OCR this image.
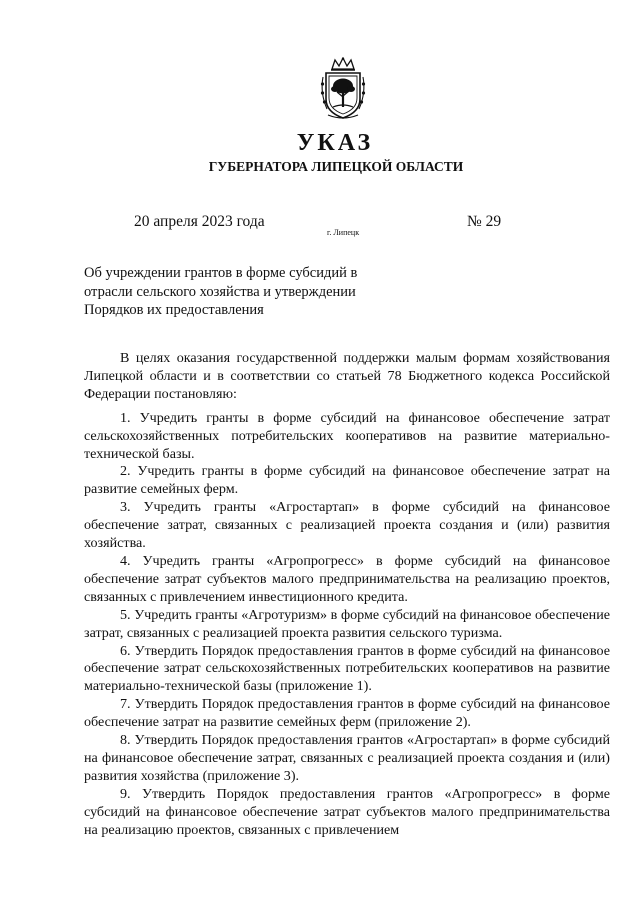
УКАЗ
ГУБЕРНАТОРА ЛИПЕЦКОЙ ОБЛАСТИ
20 апреля 2023 года
г. Липецк
№ 29
Об учреждении грантов в форме субсидий в отрасли сельского хозяйства и утверждении Порядков их предоставления

В целях оказания государственной поддержки малым формам хозяйствования Липецкой области и в соответствии со статьей 78 Бюджетного кодекса Российской Федерации постановляю:

1. Учредить гранты в форме субсидий на финансовое обеспечение затрат сельскохозяйственных потребительских кооперативов на развитие материально-технической базы.

2. Учредить гранты в форме субсидий на финансовое обеспечение затрат на развитие семейных ферм.

3. Учредить гранты «Агростартап» в форме субсидий на финансовое обеспечение затрат, связанных с реализацией проекта создания и (или) развития хозяйства.

4. Учредить гранты «Агропрогресс» в форме субсидий на финансовое обеспечение затрат субъектов малого предпринимательства на реализацию проектов, связанных с привлечением инвестиционного кредита.

5. Учредить гранты «Агротуризм» в форме субсидий на финансовое обеспечение затрат, связанных с реализацией проекта развития сельского туризма.

6. Утвердить Порядок предоставления грантов в форме субсидий на финансовое обеспечение затрат сельскохозяйственных потребительских кооперативов на развитие материально-технической базы (приложение 1).

7. Утвердить Порядок предоставления грантов в форме субсидий на финансовое обеспечение затрат на развитие семейных ферм (приложение 2).

8. Утвердить Порядок предоставления грантов «Агростартап» в форме субсидий на финансовое обеспечение затрат, связанных с реализацией проекта создания и (или) развития хозяйства (приложение 3).

9. Утвердить Порядок предоставления грантов «Агропрогресс» в форме субсидий на финансовое обеспечение затрат субъектов малого предпринимательства на реализацию проектов, связанных с привлечением
